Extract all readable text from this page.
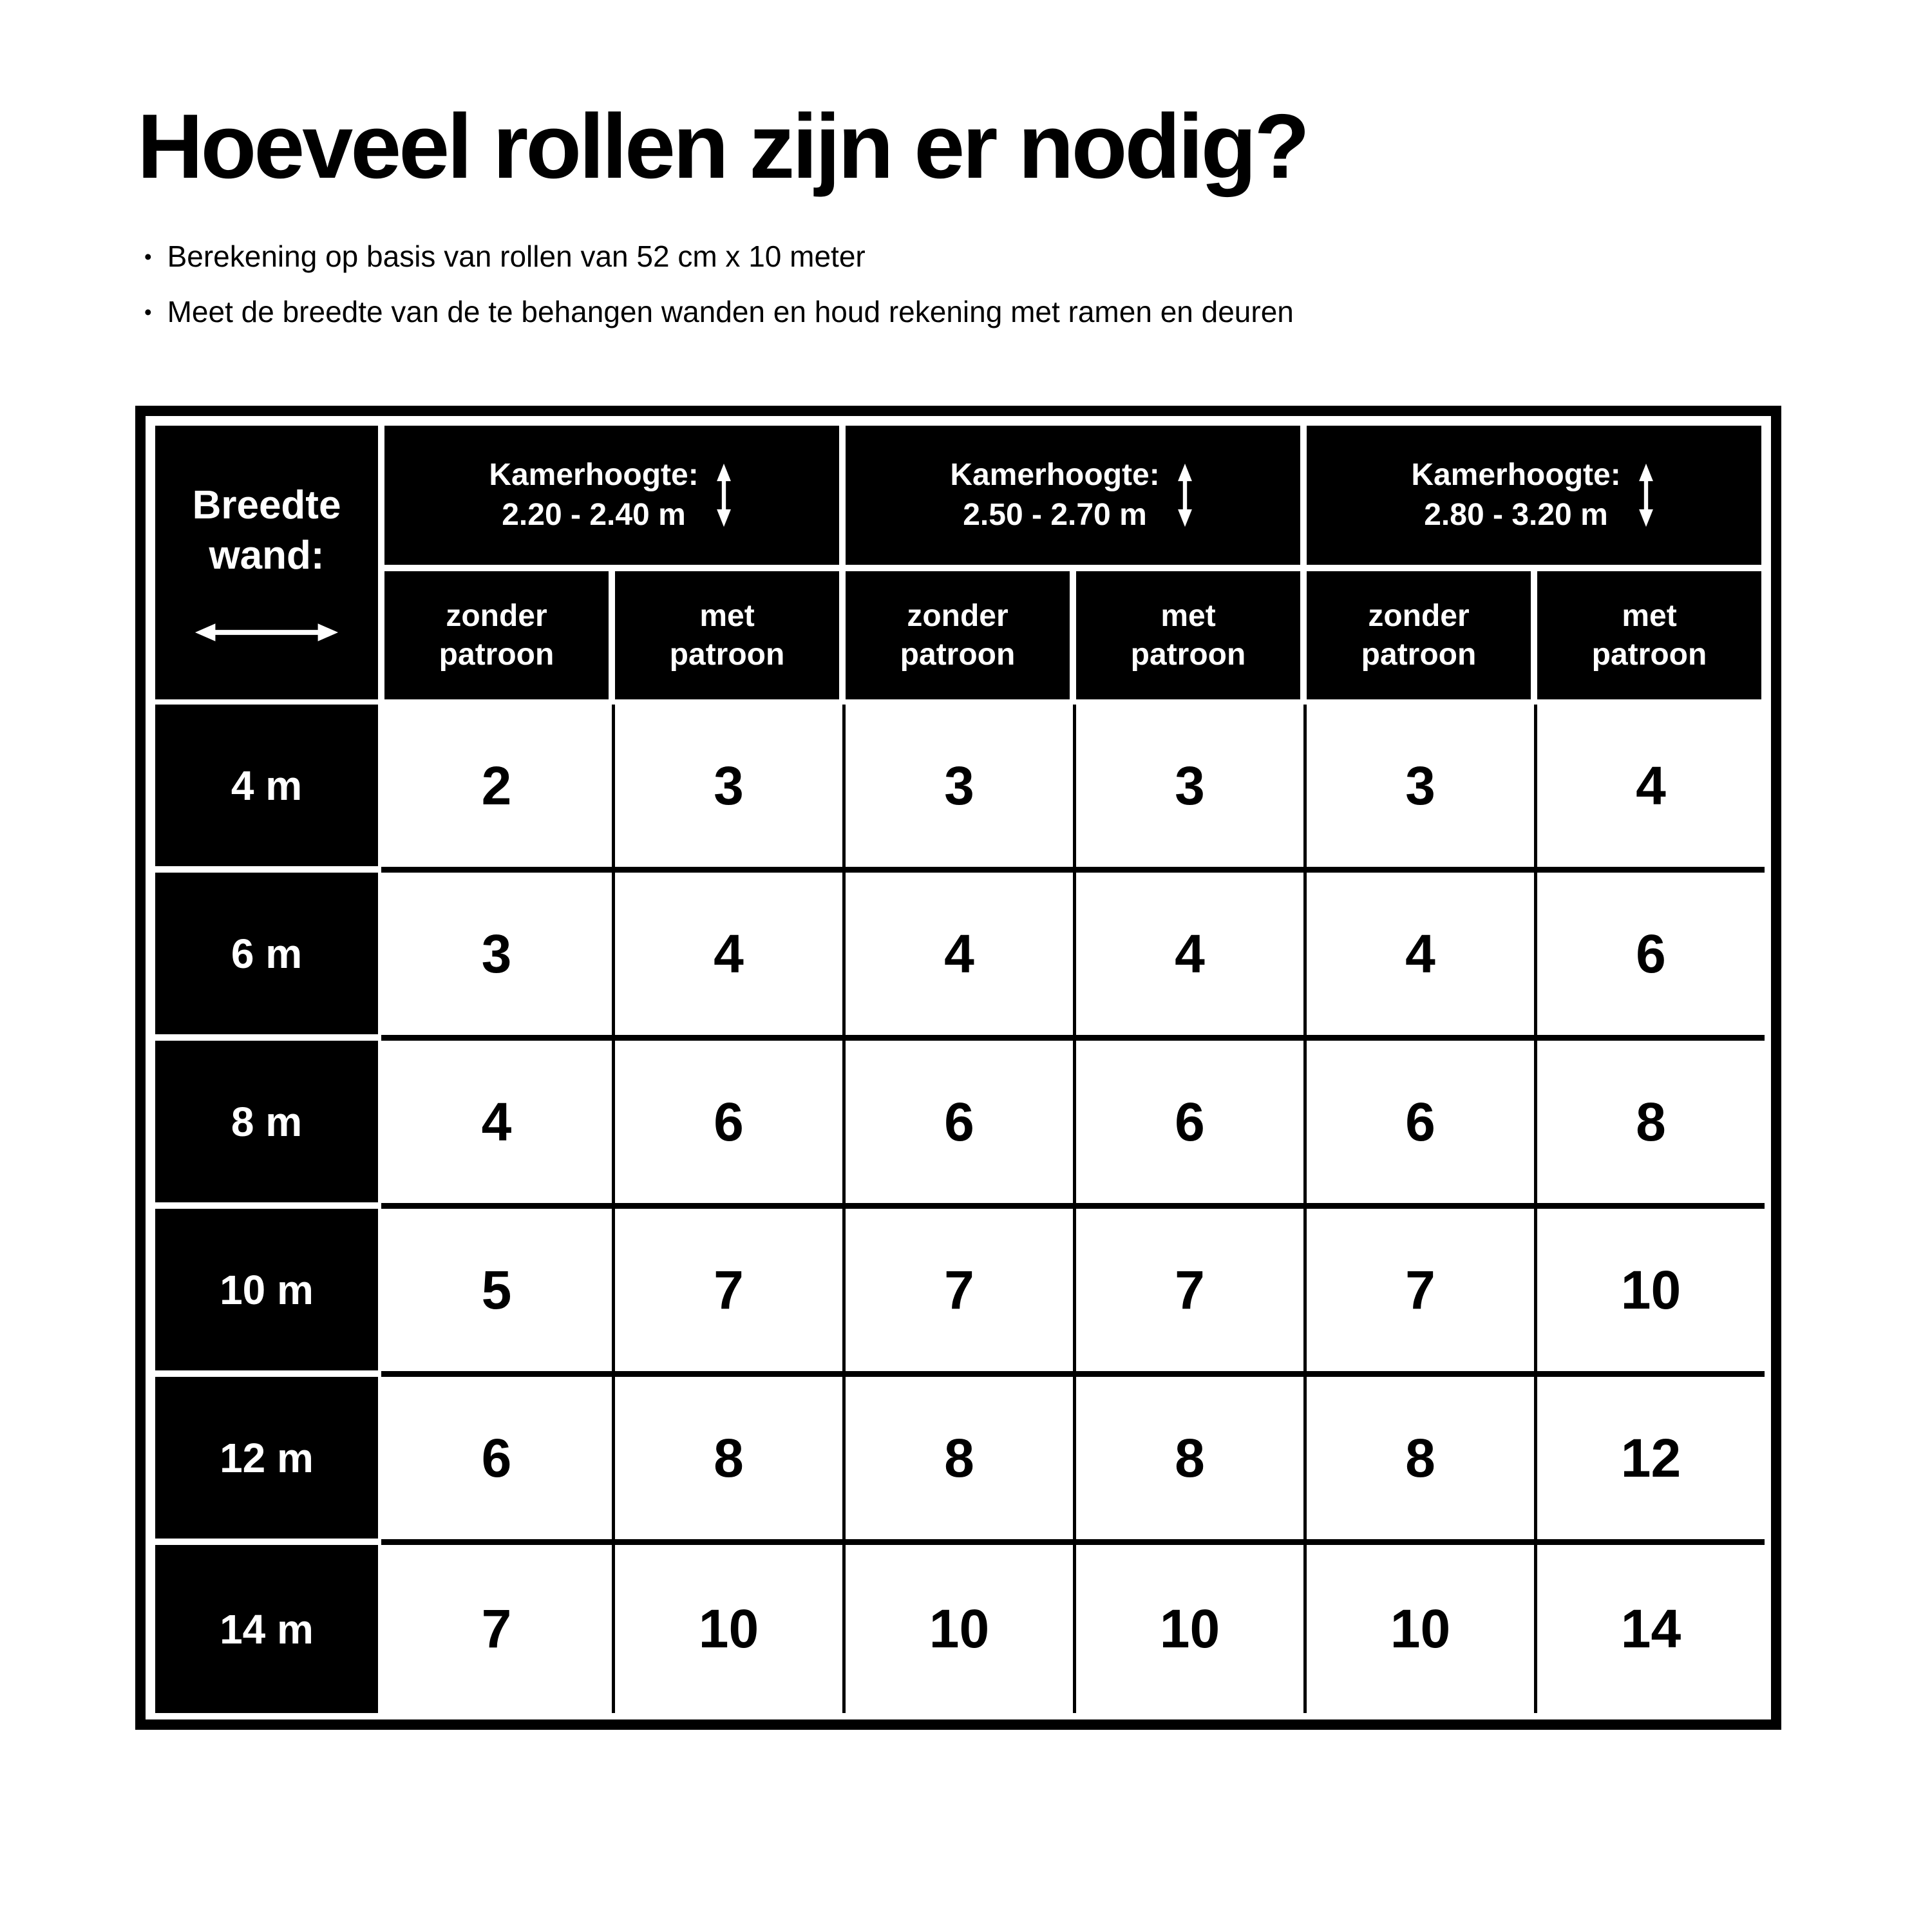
Hoeveel rollen zijn er nodig?
• Berekening op basis van rollen van 52 cm x 10 meter
• Meet de breedte van de te behangen wanden en houd rekening met ramen en deuren
Breedte
wand:
Kamerhoogte:
2.20 - 2.40 m
Kamerhoogte:
2.50 - 2.70 m
Kamerhoogte:
2.80 - 3.20 m
zonder
patroon
met
patroon
zonder
patroon
met
patroon
zonder
patroon
met
patroon
4 m	2	3	3	3	3	4
6 m	3	4	4	4	4	6
8 m	4	6	6	6	6	8
10 m	5	7	7	7	7	10
12 m	6	8	8	8	8	12
14 m	7	10	10	10	10	14
